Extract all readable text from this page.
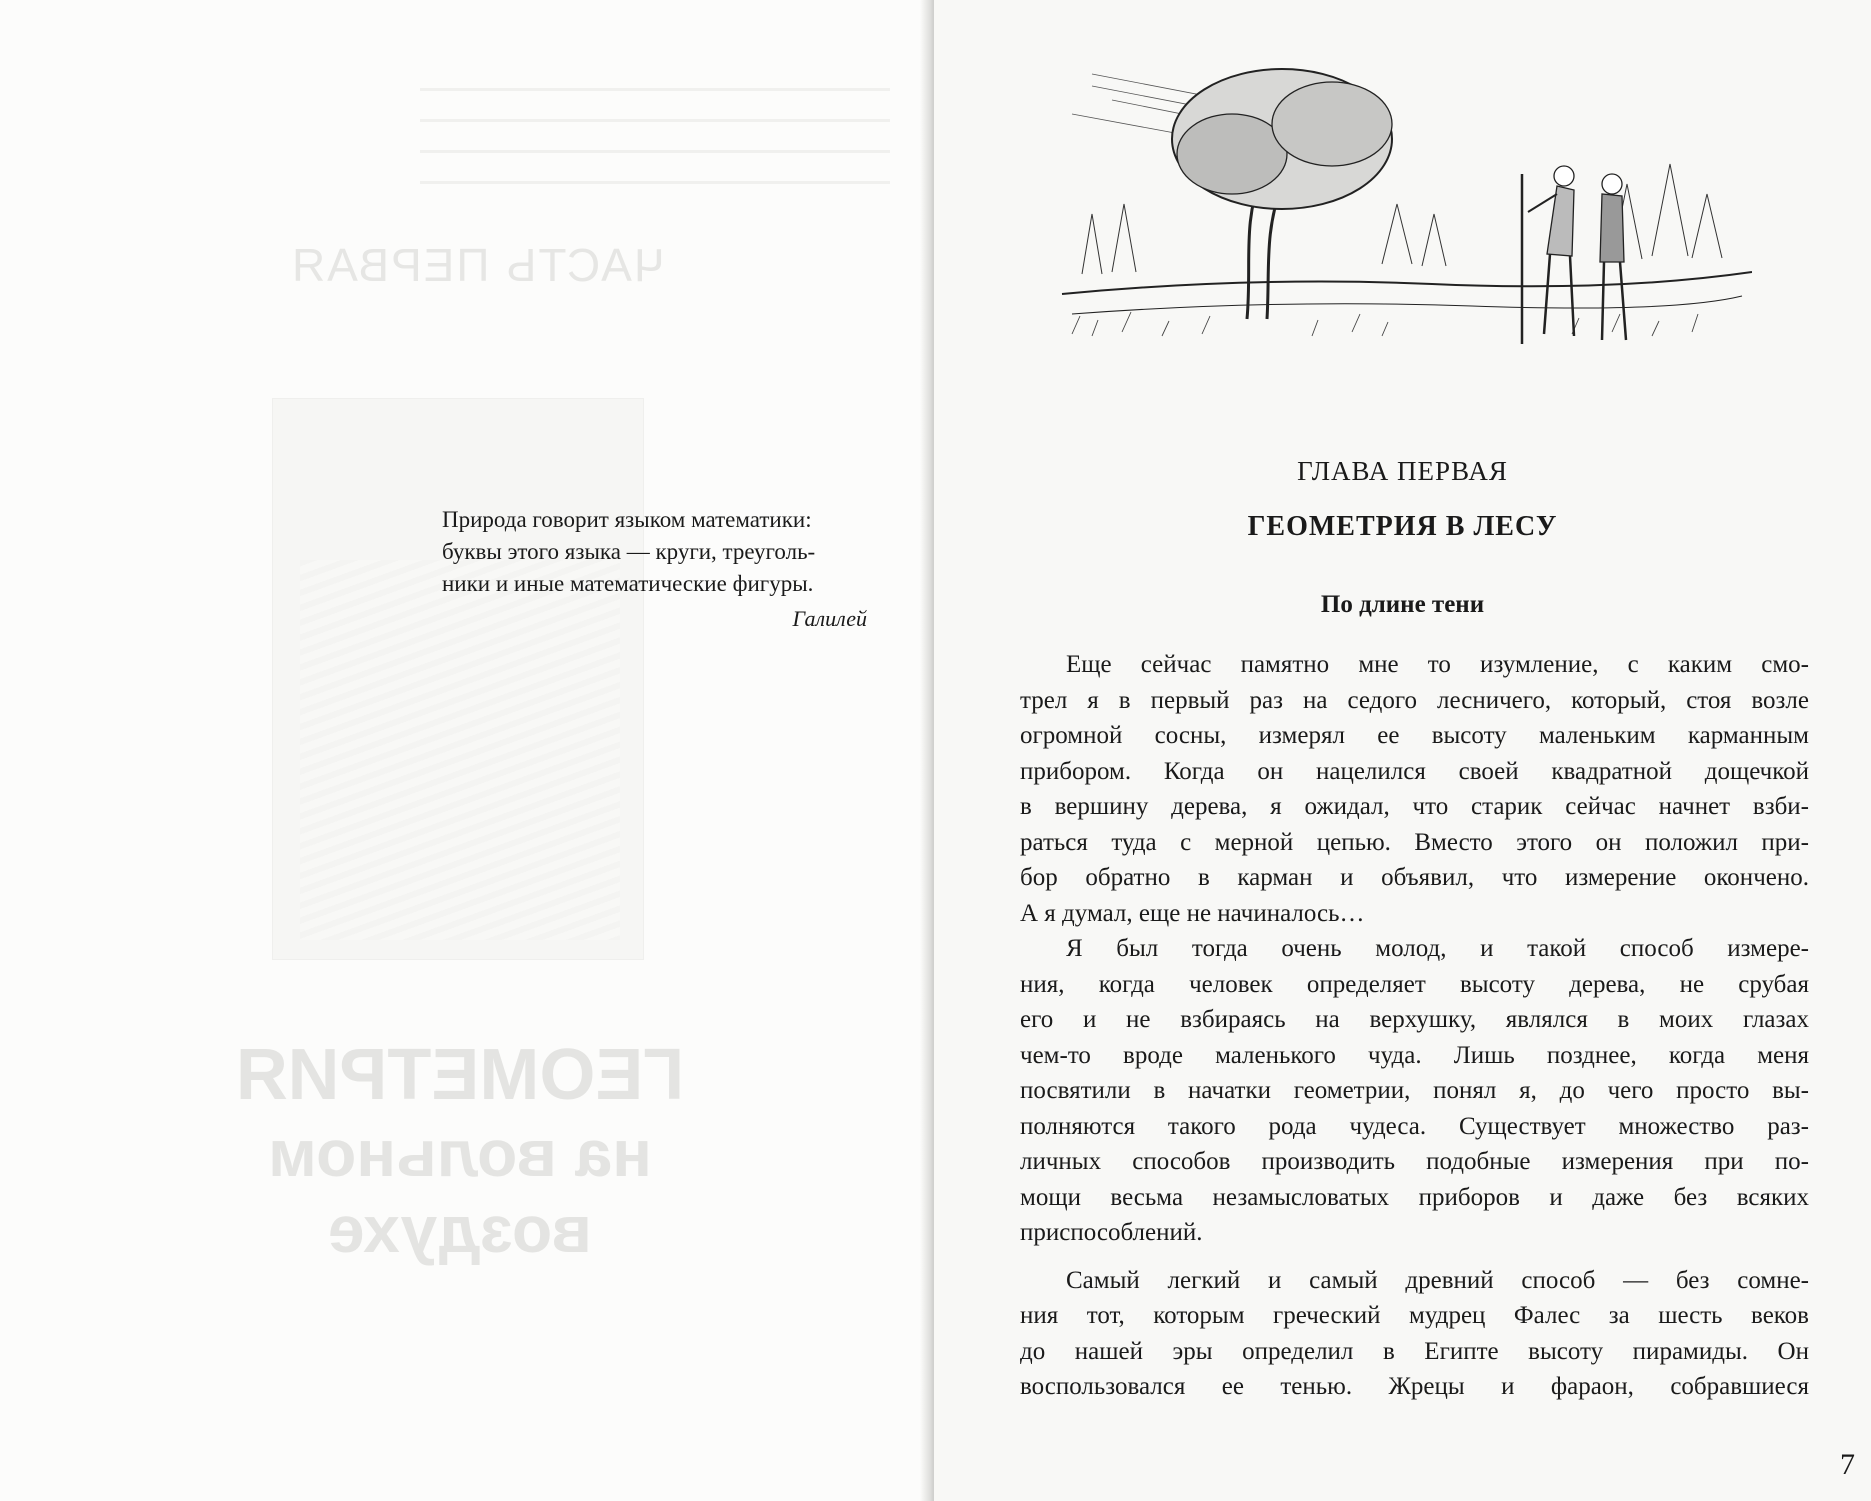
ЧАСТЬ ПЕРВАЯ
ГЕОМЕТРИЯ
на вольном
воздухе

Природа говорит языком математики:

буквы этого языка — круги, треуголь-

ники и иные математические фигуры.

Галилей
ГЛАВА ПЕРВАЯ
ГЕОМЕТРИЯ В ЛЕСУ
По длине тени

Еще сейчас памятно мне то изумление, с каким смо-
трел я в первый раз на седого лесничего, который, стоя возле
огромной сосны, измерял ее высоту маленьким карманным
прибором. Когда он нацелился своей квадратной дощечкой
в вершину дерева, я ожидал, что старик сейчас начнет взби-
раться туда с мерной цепью. Вместо этого он положил при-
бор обратно в карман и объявил, что измерение окончено.
А я думал, еще не начиналось…

Я был тогда очень молод, и такой способ измере-
ния, когда человек определяет высоту дерева, не срубая
его и не взбираясь на верхушку, являлся в моих глазах
чем-то вроде маленького чуда. Лишь позднее, когда меня
посвятили в начатки геометрии, понял я, до чего просто вы-
полняются такого рода чудеса. Существует множество раз-
личных способов производить подобные измерения при по-
мощи весьма незамысловатых приборов и даже без всяких
приспособлений.

Самый легкий и самый древний способ — без сомне-
ния тот, которым греческий мудрец Фалес за шесть веков
до нашей эры определил в Египте высоту пирамиды. Он
воспользовался ее тенью. Жрецы и фараон, собравшиеся

7
